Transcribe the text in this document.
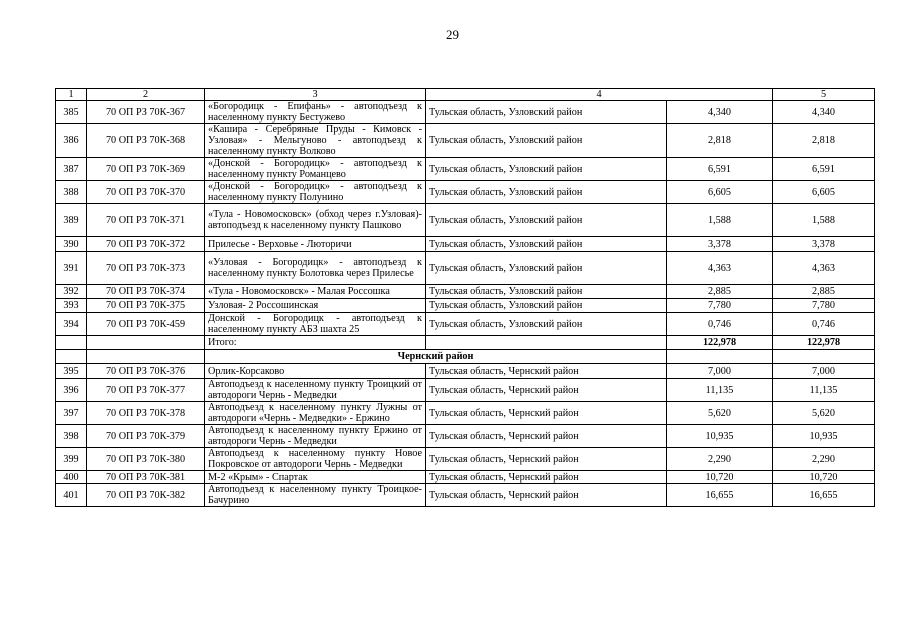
29
1	2	3	4		5
385	70 ОП РЗ 70К-367	«Богородицк - Епифань» - автоподъезд к населенному пункту Бестужево	Тульская область, Узловский район	4,340	4,340
386	70 ОП РЗ 70К-368	«Кашира - Серебряные Пруды - Кимовск - Узловая» - Мельгуново - автоподъезд к населенному пункту Волково	Тульская область, Узловский район	2,818	2,818
387	70 ОП РЗ 70К-369	«Донской - Богородицк» - автоподъезд к населенному пункту Романцево	Тульская область, Узловский район	6,591	6,591
388	70 ОП РЗ 70К-370	«Донской - Богородицк» - автоподъезд к населенному пункту Полунино	Тульская область, Узловский район	6,605	6,605
389	70 ОП РЗ 70К-371	«Тула - Новомосковск» (обход через г.Узловая)-автоподъезд к населенному пункту Пашково	Тульская область, Узловский район	1,588	1,588
390	70 ОП РЗ 70К-372	Прилесье - Верховье - Люторичи	Тульская область, Узловский район	3,378	3,378
391	70 ОП РЗ 70К-373	«Узловая - Богородицк» - автоподъезд к населенному пункту Болотовка через Прилесье	Тульская область, Узловский район	4,363	4,363
392	70 ОП РЗ 70К-374	«Тула - Новомосковск» - Малая Россошка	Тульская область, Узловский район	2,885	2,885
393	70 ОП РЗ 70К-375	Узловая- 2 Россошинская	Тульская область, Узловский район	7,780	7,780
394	70 ОП РЗ 70К-459	Донской - Богородицк - автоподъезд к населенному пункту АБЗ шахта 25	Тульская область, Узловский район	0,746	0,746
		Итого:		122,978	122,978
		Чернский район			
395	70 ОП РЗ 70К-376	Орлик-Корсаково	Тульская область, Чернский район	7,000	7,000
396	70 ОП РЗ 70К-377	Автоподъезд к населенному пункту Троицкий от автодороги Чернь - Медведки	Тульская область, Чернский район	11,135	11,135
397	70 ОП РЗ 70К-378	Автоподъезд к населенному пункту Лужны от автодороги «Чернь - Медведки» - Ержино	Тульская область, Чернский район	5,620	5,620
398	70 ОП РЗ 70К-379	Автоподъезд к населенному пункту Ержино от автодороги Чернь - Медведки	Тульская область, Чернский район	10,935	10,935
399	70 ОП РЗ 70К-380	Автоподъезд к населенному пункту Новое Покровское от автодороги Чернь - Медведки	Тульская область, Чернский район	2,290	2,290
400	70 ОП РЗ 70К-381	М-2 «Крым» - Спартак	Тульская область, Чернский район	10,720	10,720
401	70 ОП РЗ 70К-382	Автоподъезд к населенному пункту Троицкое-Бачурино	Тульская область, Чернский район	16,655	16,655
